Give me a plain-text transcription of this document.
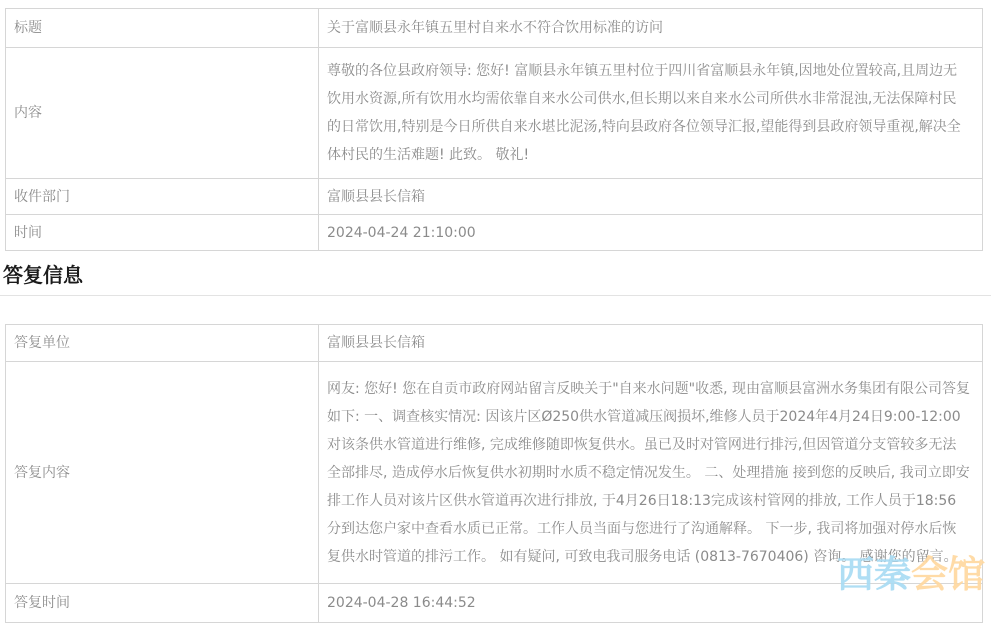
标题	关于富顺县永年镇五里村自来水不符合饮用标准的访问
内容	尊敬的各位县政府领导: 您好! 富顺县永年镇五里村位于四川省富顺县永年镇,因地处位置较高,且周边无饮用水资源,所有饮用水均需依靠自来水公司供水,但长期以来自来水公司所供水非常混浊,无法保障村民的日常饮用,特别是今日所供自来水堪比泥汤,特向县政府各位领导汇报,望能得到县政府领导重视,解决全体村民的生活难题! 此致。 敬礼!
收件部门	富顺县县长信箱
时间	2024-04-24 21:10:00
答复信息
答复单位	富顺县县长信箱
答复内容	网友: 您好! 您在自贡市政府网站留言反映关于"自来水问题"收悉, 现由富顺县富洲水务集团有限公司答复如下: 一、调查核实情况: 因该片区Ø250供水管道减压阀损坏,维修人员于2024年4月24日9:00-12:00对该条供水管道进行维修, 完成维修随即恢复供水。虽已及时对管网进行排污,但因管道分支管较多无法全部排尽, 造成停水后恢复供水初期时水质不稳定情况发生。 二、处理措施 接到您的反映后, 我司立即安排工作人员对该片区供水管道再次进行排放, 于4月26日18:13完成该村管网的排放, 工作人员于18:56分到达您户家中查看水质已正常。工作人员当面与您进行了沟通解释。 下一步, 我司将加强对停水后恢复供水时管道的排污工作。 如有疑问, 可致电我司服务电话 (0813-7670406) 咨询。 感谢您的留言。
答复时间	2024-04-28 16:44:52
西秦会馆
